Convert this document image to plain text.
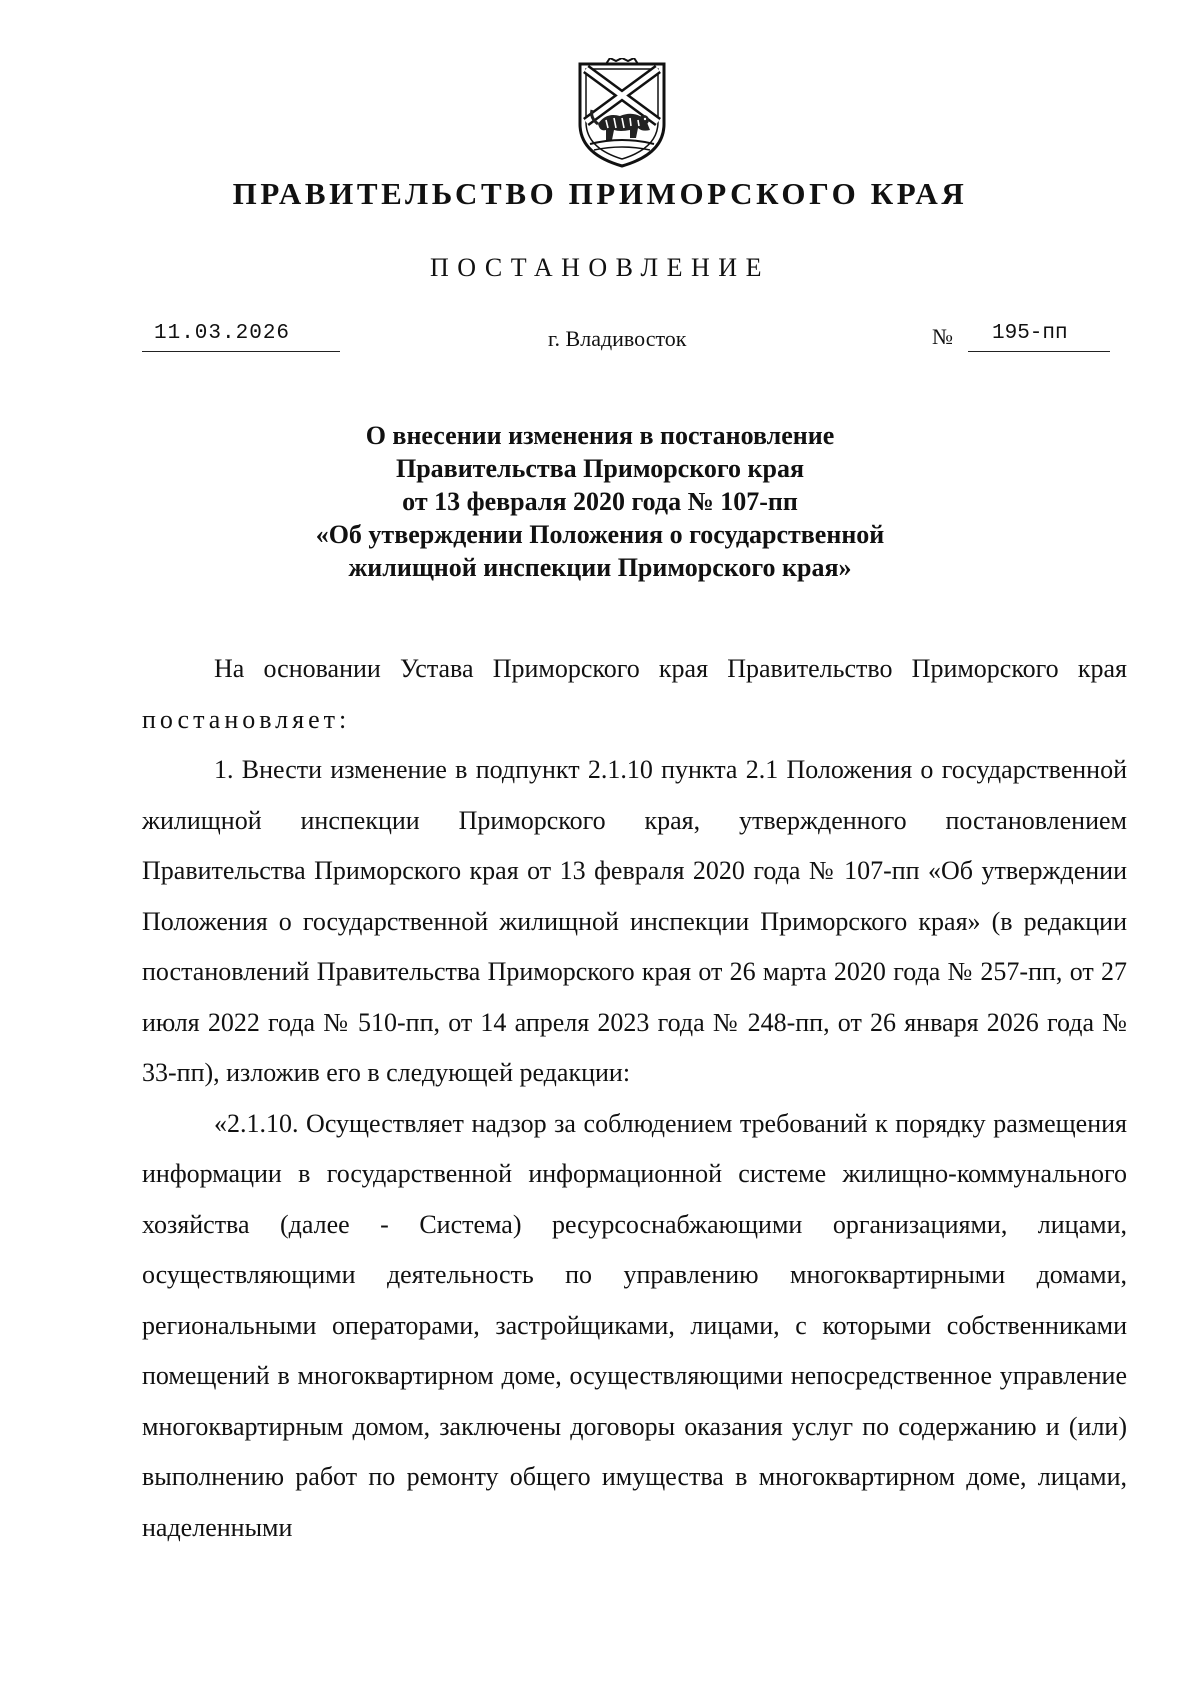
ПРАВИТЕЛЬСТВО ПРИМОРСКОГО КРАЯ
ПОСТАНОВЛЕНИЕ
11.03.2026	г. Владивосток	№	195-пп
О внесении изменения в постановление
Правительства Приморского края
от 13 февраля 2020 года № 107-пп
«Об утверждении Положения о государственной
жилищной инспекции Приморского края»

На основании Устава Приморского края Правительство Приморского края постановляет:

1. Внести изменение в подпункт 2.1.10 пункта 2.1 Положения о государственной жилищной инспекции Приморского края, утвержденного постановлением Правительства Приморского края от 13 февраля 2020 года № 107-пп «Об утверждении Положения о государственной жилищной инспекции Приморского края» (в редакции постановлений Правительства Приморского края от 26 марта 2020 года № 257-пп, от 27 июля 2022 года № 510-пп, от 14 апреля 2023 года № 248-пп, от 26 января 2026 года № 33-пп), изложив его в следующей редакции:

«2.1.10. Осуществляет надзор за соблюдением требований к порядку размещения информации в государственной информационной системе жилищно-коммунального хозяйства (далее - Система) ресурсоснабжающими организациями, лицами, осуществляющими деятельность по управлению многоквартирными домами, региональными операторами, застройщиками, лицами, с которыми собственниками помещений в многоквартирном доме, осуществляющими непосредственное управление многоквартирным домом, заключены договоры оказания услуг по содержанию и (или) выполнению работ по ремонту общего имущества в многоквартирном доме, лицами, наделенными
